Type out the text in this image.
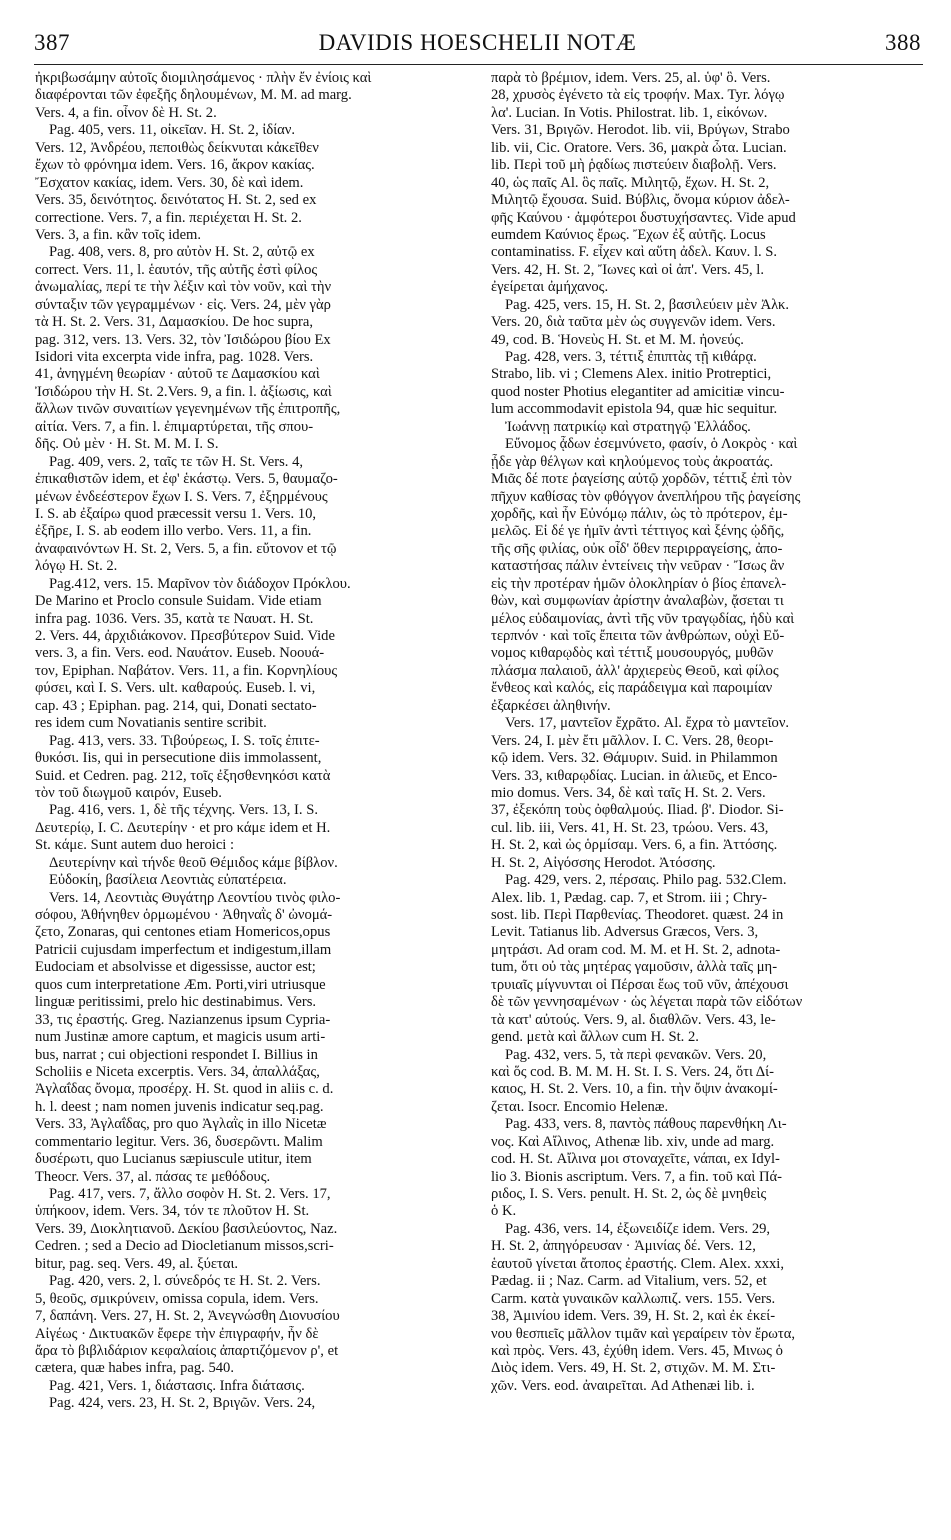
387	DAVIDIS HOESCHELII NOTÆ	388
ἠκριβωσάμην αὐτοῖς διομιλησάμενος · πλὴν ἔν ἐνίοις καὶ
διαφέρονται τῶν ἐφεξῆς δηλουμένων, M. M. ad marg.
Vers. 4, a fin. οἶνον δὲ H. St. 2.
Pag. 405, vers. 11, οἰκεῖαν. H. St. 2, ἰδίαν.
Vers. 12, Ἀνδρέου, πεποιθὼς δείκνυται κἀκεῖθεν
ἔχων τὸ φρόνημα idem. Vers. 16, ἄκρον κακίας.
Ἔσχατον κακίας, idem. Vers. 30, δὲ καὶ idem.
Vers. 35, δεινότητος. δεινότατος H. St. 2, sed ex
correctione. Vers. 7, a fin. περιέχεται H. St. 2.
Vers. 3, a fin. κἂν τοῖς idem.
Pag. 408, vers. 8, pro αὐτὸν H. St. 2, αὐτῷ ex
correct. Vers. 11, l. ἑαυτόν, τῆς αὐτῆς ἐστὶ φίλος
ἀνωμαλίας, περί τε τὴν λέξιν καὶ τὸν νοῦν, καὶ τὴν
σύνταξιν τῶν γεγραμμένων · εἰς. Vers. 24, μὲν γὰρ
τὰ H. St. 2. Vers. 31, Δαμασκίου. De hoc supra,
pag. 312, vers. 13. Vers. 32, τὸν Ἰσιδώρου βίου Ex
Isidori vita excerpta vide infra, pag. 1028. Vers.
41, ἀνηγμένη θεωρίαν · αὐτοῦ τε Δαμασκίου καὶ
Ἰσιδώρου τὴν H. St. 2.Vers. 9, a fin. l. ἀξίωσις, καὶ
ἄλλων τινῶν συναιτίων γεγενημένων τῆς ἐπιτροπῆς,
αἰτία. Vers. 7, a fin. l. ἐπιμαρτύρεται, τῆς σπου-
δῆς. Οὐ μὲν · H. St. M. M. I. S.
Pag. 409, vers. 2, ταῖς τε τῶν H. St. Vers. 4,
ἐπικαθιστῶν idem, et ἐφ' ἑκάστῳ. Vers. 5, θαυμαζο-
μένων ἐνδεέστερον ἔχων I. S. Vers. 7, ἐξηρμένους
I. S. ab ἐξαίρω quod præcessit versu 1. Vers. 10,
ἐξῆρε, I. S. ab eodem illo verbo. Vers. 11, a fin.
ἀναφαινόντων H. St. 2, Vers. 5, a fin. εὔτονον et τῷ
λόγῳ H. St. 2.
Pag.412, vers. 15. Μαρῖνον τὸν διάδοχον Πρόκλου.
De Marino et Proclo consule Suidam. Vide etiam
infra pag. 1036. Vers. 35, κατὰ τε Ναυατ. H. St.
2. Vers. 44, ἀρχιδιάκονον. Πρεσβύτερον Suid. Vide
vers. 3, a fin. Vers. eod. Ναυάτον. Euseb. Νοουά-
τον, Epiphan. Ναβάτον. Vers. 11, a fin. Κορνηλίους
φύσει, καὶ I. S. Vers. ult. καθαρούς. Euseb. l. vi,
cap. 43 ; Epiphan. pag. 214, qui, Donati sectato-
res idem cum Novatianis sentire scribit.
Pag. 413, vers. 33. Τιβούρεως, I. S. τοῖς ἐπιτε-
θυκόσι. Iis, qui in persecutione diis immolassent,
Suid. et Cedren. pag. 212, τοῖς ἐξησθενηκόσι κατὰ
τὸν τοῦ διωγμοῦ καιρόν, Euseb.
Pag. 416, vers. 1, δὲ τῆς τέχνης. Vers. 13, I. S.
Δευτερίῳ, I. C. Δευτερίην · et pro κάμε idem et H.
St. κάμε. Sunt autem duo heroici :
Δευτερίνην καὶ τήνδε θεοῦ Θέμιδος κάμε βίβλον.
Εὐδοκίη, βασίλεια Λεοντιὰς εὐπατέρεια.
Vers. 14, Λεοντιὰς Θυγάτηρ Λεοντίου τινὸς φιλο-
σόφου, Ἀθήνηθεν ὁρμωμένου · Ἀθηναῒς δ' ὠνομά-
ζετο, Zonaras, qui centones etiam Homericos,opus
Patricii cujusdam imperfectum et indigestum,illam
Eudociam et absolvisse et digessisse, auctor est;
quos cum interpretatione Æm. Porti,viri utriusque
linguæ peritissimi, prelo hic destinabimus. Vers.
33, τις ἐραστής. Greg. Nazianzenus ipsum Cypria-
num Justinæ amore captum, et magicis usum arti-
bus, narrat ; cui objectioni respondet I. Billius in
Scholiis e Niceta excerptis. Vers. 34, ἀπαλλάξας,
Ἀγλαΐδας ὄνομα, προσέρχ. H. St. quod in aliis c. d.
h. l. deest ; nam nomen juvenis indicatur seq.pag.
Vers. 33, Ἀγλαΐδας, pro quo Ἀγλαῒς in illo Nicetæ
commentario legitur. Vers. 36, δυσερῶντι. Malim
δυσέρωτι, quo Lucianus sæpiuscule utitur, item
Theocr. Vers. 37, al. πάσας τε μεθόδους.
Pag. 417, vers. 7, ἄλλο σοφὸν H. St. 2. Vers. 17,
ὑπήκοον, idem. Vers. 34, τόν τε πλοῦτον H. St.
Vers. 39, Διοκλητιανοῦ. Δεκίου βασιλεύοντος, Naz.
Cedren. ; sed a Decio ad Diocletianum missos,scri-
bitur, pag. seq. Vers. 49, al. ξύεται.
Pag. 420, vers. 2, l. σύνεδρός τε H. St. 2. Vers.
5, θεοῦς, σμικρύνειν, omissa copula, idem. Vers.
7, δαπάνη. Vers. 27, H. St. 2, Ἀνεγνώσθη Διονυσίου
Αἰγέως · Δικτυακῶν ἔφερε τὴν ἐπιγραφήν, ἦν δὲ
ἄρα τὸ βιβλιδάριον κεφαλαίοις ἀπαρτιζόμενον ρ', et
cætera, quæ habes infra, pag. 540.
Pag. 421, Vers. 1, διάστασις. Infra διάτασις.
Pag. 424, vers. 23, H. St. 2, Βριγῶν. Vers. 24,
παρὰ τὸ βρέμιον, idem. Vers. 25, al. ὑφ' ὃ. Vers.
28, χρυσὸς ἐγένετο τὰ εἰς τροφήν. Max. Tyr. λόγῳ
λα'. Lucian. In Votis. Philostrat. lib. 1, εἰκόνων.
Vers. 31, Βριγῶν. Herodot. lib. vii, Βρύγων, Strabo
lib. vii, Cic. Oratore. Vers. 36, μακρὰ ὦτα. Lucian.
lib. Περὶ τοῦ μὴ ῥᾳδίως πιστεύειν διαβολῇ. Vers.
40, ὡς παῖς Al. ὃς παῖς. Μιλητῷ, ἔχων. H. St. 2,
Μιλητῷ ἔχουσα. Suid. Βύβλις, ὄνομα κύριον ἀδελ-
φῆς Καύνου · ἀμφότεροι δυστυχήσαντες. Vide apud
eumdem Καύνιος ἔρως. Ἔχων ἐξ αὐτῆς. Locus
contaminatiss. F. εἶχεν καὶ αὕτη ἀδελ. Καυν. l. S.
Vers. 42, H. St. 2, Ἴωνες καὶ οἱ ἀπ'. Vers. 45, l.
ἐγείρεται ἀμήχανος.
Pag. 425, vers. 15, H. St. 2, βασιλεύειν μὲν Ἀλκ.
Vers. 20, διὰ ταῦτα μὲν ὡς συγγενῶν idem. Vers.
49, cod. B. Ἡονεὺς H. St. et M. M. ἠονεύς.
Pag. 428, vers. 3, τέττιξ ἐπιπτὰς τῇ κιθάρᾳ.
Strabo, lib. vi ; Clemens Alex. initio Protreptici,
quod noster Photius elegantiter ad amicitiæ vincu-
lum accommodavit epistola 94, quæ hic sequitur.
Ἰωάννῃ πατρικίῳ καὶ στρατηγῷ Ἑλλάδος.
Εὔνομος ᾆδων ἐσεμνύνετο, φασίν, ὁ Λοκρὸς · καὶ
ᾖδε γὰρ θέλγων καὶ κηλούμενος τοὺς ἀκροατάς.
Μιᾶς δέ ποτε ῥαγείσης αὐτῷ χορδῶν, τέττιξ ἐπὶ τὸν
πῆχυν καθίσας τὸν φθόγγον ἀνεπλήρου τῆς ῥαγείσης
χορδῆς, καὶ ἦν Εὐνόμῳ πάλιν, ὡς τὸ πρότερον, ἐμ-
μελῶς. Εἰ δέ γε ἡμῖν ἀντὶ τέττιγος καὶ ξένης ᾠδῆς,
τῆς σῆς φιλίας, οὐκ οἶδ' ὅθεν περιρραγείσης, ἀπο-
καταστήσας πάλιν ἐντείνεις τὴν νεῦραν · Ἴσως ἂν
εἰς τὴν προτέραν ἡμῶν ὁλοκληρίαν ὁ βίος ἐπανελ-
θὼν, καὶ συμφωνίαν ἀρίστην ἀναλαβὼν, ᾄσεται τι
μέλος εὐδαιμονίας, ἀντὶ τῆς νῦν τραγῳδίας, ἡδὺ καὶ
τερπνόν · καὶ τοῖς ἔπειτα τῶν ἀνθρώπων, οὐχὶ Εὔ-
νομος κιθαρῳδὸς καὶ τέττιξ μουσουργός, μυθῶν
πλάσμα παλαιοῦ, ἀλλ' ἀρχιερεὺς Θεοῦ, καὶ φίλος
ἔνθεος καὶ καλός, εἰς παράδειγμα καὶ παροιμίαν
ἐξαρκέσει ἀληθινήν.
Vers. 17, μαντεῖον ἔχρᾶτο. Al. ἔχρα τὸ μαντεῖον.
Vers. 24, I. μὲν ἔτι μᾶλλον. I. C. Vers. 28, θεορι-
κῷ idem. Vers. 32. Θάμυριν. Suid. in Philammon
Vers. 33, κιθαρῳδίας. Lucian. in ἁλιεῦς, et Enco-
mio domus. Vers. 34, δὲ καὶ ταῖς H. St. 2. Vers.
37, ἐξεκόπη τοὺς ὀφθαλμούς. Iliad. β'. Diodor. Si-
cul. lib. iii, Vers. 41, H. St. 23, τρώου. Vers. 43,
H. St. 2, καὶ ὡς ὁρμίσαμ. Vers. 6, a fin. Ἀττόσης.
H. St. 2, Αἰγόσσης Herodot. Ἀτόσσης.
Pag. 429, vers. 2, πέρσαις. Philo pag. 532.Clem.
Alex. lib. 1, Pædag. cap. 7, et Strom. iii ; Chry-
sost. lib. Περὶ Παρθενίας. Theodoret. quæst. 24 in
Levit. Tatianus lib. Adversus Græcos, Vers. 3,
μητράσι. Ad oram cod. M. M. et H. St. 2, adnota-
tum, ὅτι οὐ τὰς μητέρας γαμοῦσιν, ἀλλὰ ταῖς μη-
τρυιαῖς μίγνυνται οἱ Πέρσαι ἕως τοῦ νῦν, ἀπέχουσι
δὲ τῶν γεννησαμένων · ὡς λέγεται παρὰ τῶν εἰδότων
τὰ κατ' αὐτούς. Vers. 9, al. διαθλῶν. Vers. 43, le-
gend. μετὰ καὶ ἄλλων cum H. St. 2.
Pag. 432, vers. 5, τὰ περὶ φενακῶν. Vers. 20,
καὶ ὅς cod. B. M. M. H. St. I. S. Vers. 24, ὅτι Δί-
καιος, H. St. 2. Vers. 10, a fin. τὴν ὄψιν ἀνακομί-
ζεται. Isocr. Encomio Helenæ.
Pag. 433, vers. 8, παντὸς πάθους παρενθήκη Λι-
νος. Καὶ Αἴλινος, Athenæ lib. xiv, unde ad marg.
cod. H. St. Αἴλινα μοι στοναχεῖτε, νάπαι, ex Idyl-
lio 3. Bionis ascriptum. Vers. 7, a fin. τοῦ καὶ Πά-
ριδος, I. S. Vers. penult. H. St. 2, ὡς δὲ μνηθεὶς
ὁ K.
Pag. 436, vers. 14, ἐξωνειδίζε idem. Vers. 29,
H. St. 2, ἀπηγόρευσαν · Ἀμινίας δέ. Vers. 12,
ἑαυτοῦ γίνεται ἄτοπος ἐραστής. Clem. Alex. xxxi,
Pædag. ii ; Naz. Carm. ad Vitalium, vers. 52, et
Carm. κατὰ γυναικῶν καλλωπιζ. vers. 155. Vers.
38, Ἀμινίου idem. Vers. 39, H. St. 2, καὶ ἐκ ἐκεί-
νου θεσπιεῖς μᾶλλον τιμᾶν καὶ γεραίρειν τὸν ἔρωτα,
καὶ πρὸς. Vers. 43, ἐχύθη idem. Vers. 45, Μινως ὁ
Διὸς idem. Vers. 49, H. St. 2, στιχῶν. M. M. Στι-
χῶν. Vers. eod. ἀναιρεῖται. Ad Athenæi lib. i.
